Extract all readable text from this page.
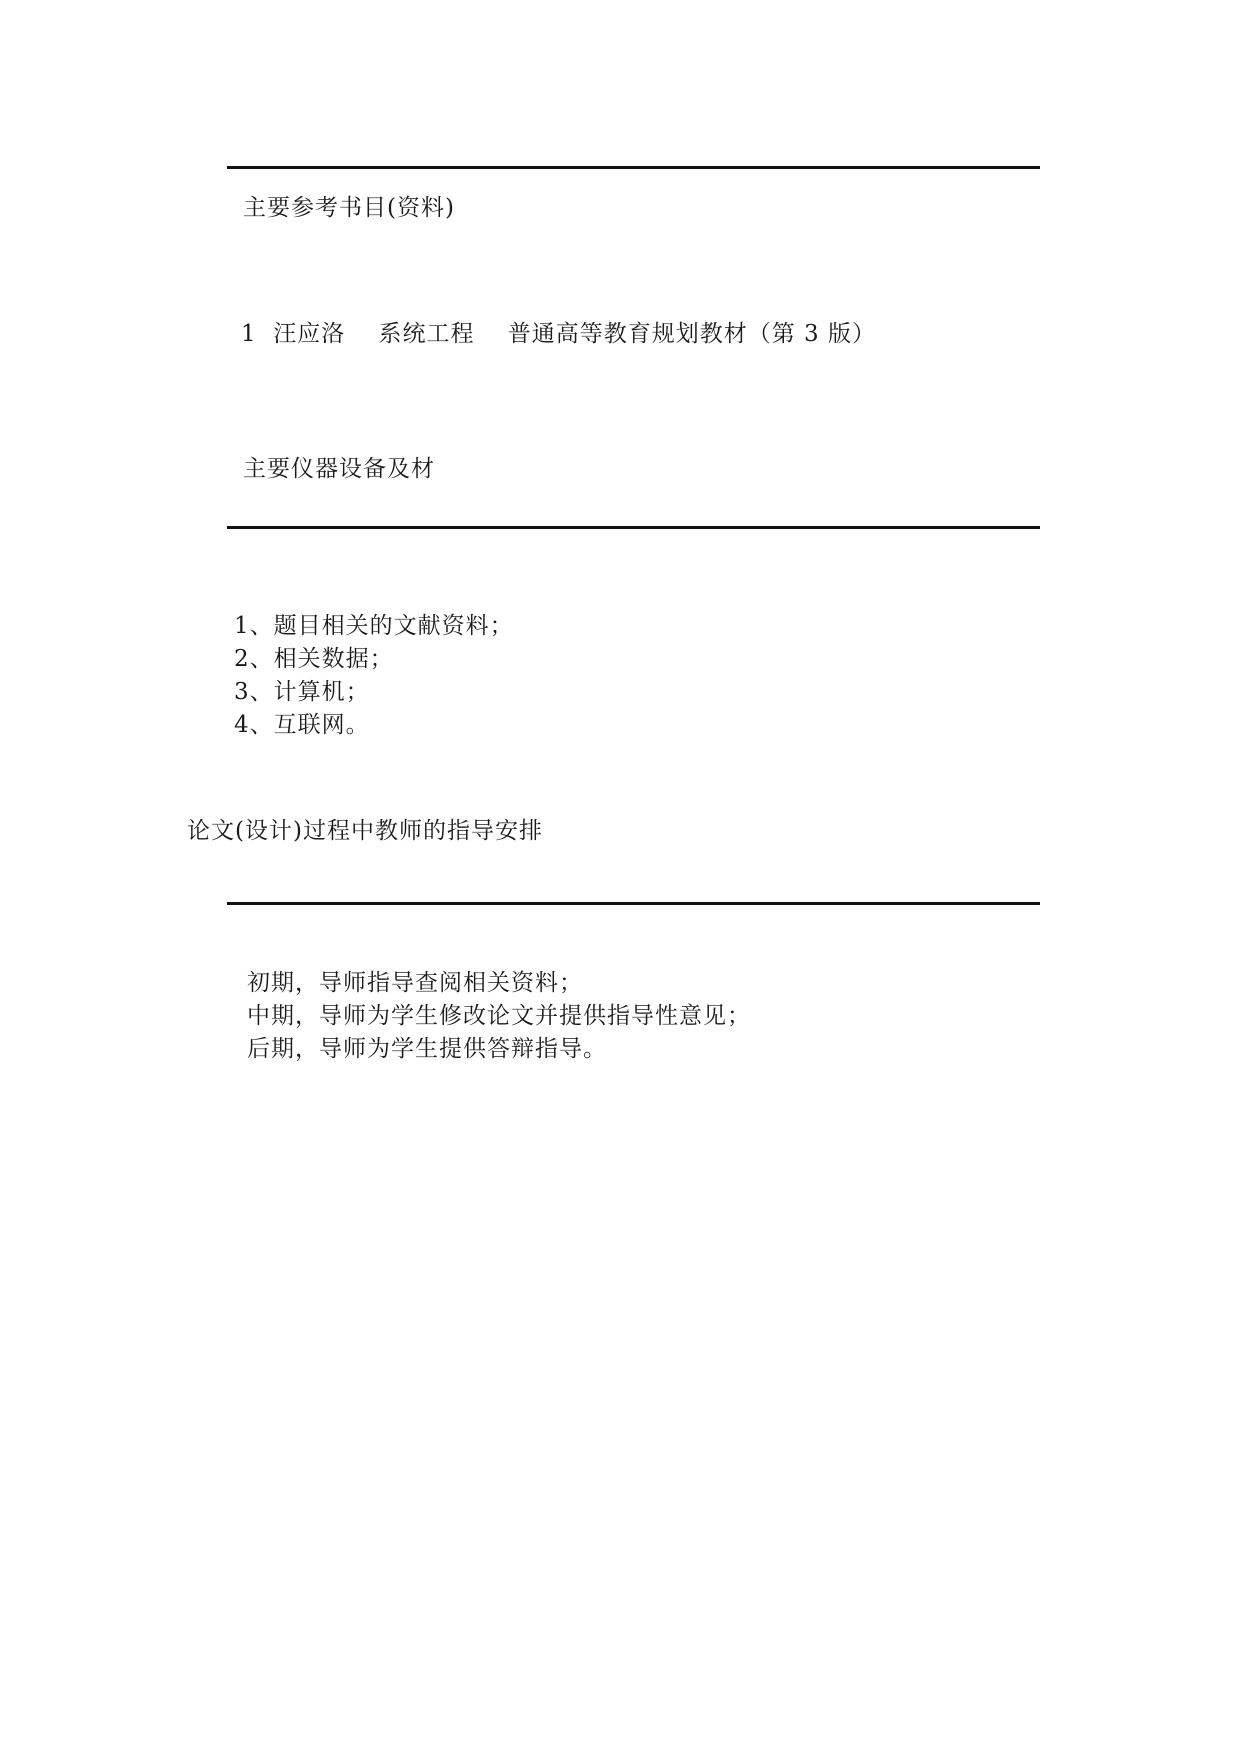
主要参考书目(资料)
1  汪应洛    系统工程    普通高等教育规划教材（第 3 版）
主要仪器设备及材
1、题目相关的文献资料；
2、相关数据；
3、计算机；
4、互联网。
论文(设计)过程中教师的指导安排
初期，导师指导查阅相关资料；
中期，导师为学生修改论文并提供指导性意见；
后期，导师为学生提供答辩指导。
